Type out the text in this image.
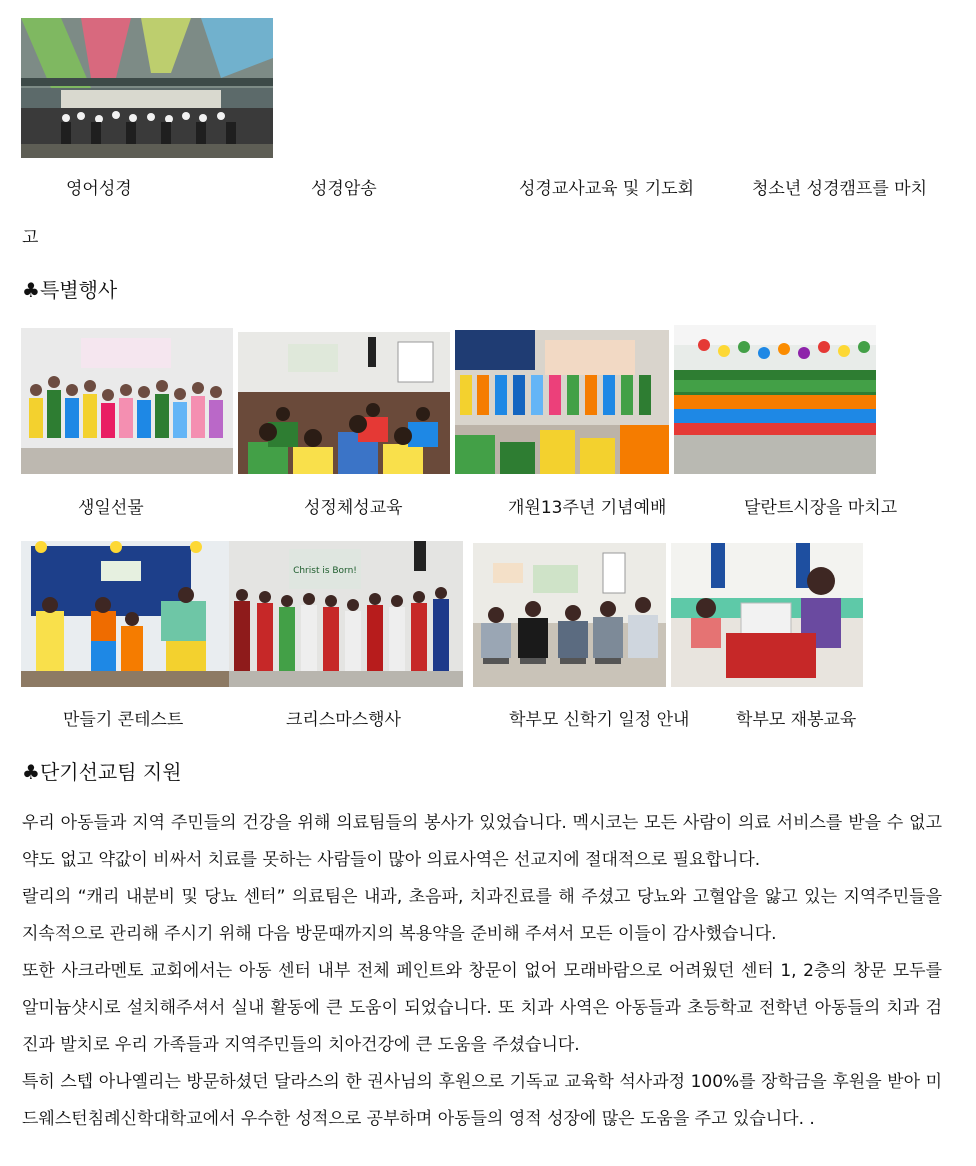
영어성경	성경암송	성경교사교육 및 기도회	청소년 성경캠프를 마치
고
♣특별행사
생일선물	성정체성교육	개원13주년 기념예배	달란트시장을 마치고
Christ is Born!
만들기 콘테스트	크리스마스행사	학부모 신학기 일정 안내	학부모 재봉교육
♣단기선교팀 지원

우리 아동들과 지역 주민들의 건강을 위해 의료팀들의 봉사가 있었습니다. 멕시코는 모든 사람이 의료 서비스를 받을 수 없고 약도 없고 약값이 비싸서 치료를 못하는 사람들이 많아 의료사역은 선교지에 절대적으로 필요합니다.

랄리의 “캐리 내분비 및 당뇨 센터” 의료팀은 내과, 초음파, 치과진료를 해 주셨고 당뇨와 고혈압을 앓고 있는 지역주민들을 지속적으로 관리해 주시기 위해 다음 방문때까지의 복용약을 준비해 주셔서 모든 이들이 감사했습니다.

또한 사크라멘토 교회에서는 아동 센터 내부 전체 페인트와 창문이 없어 모래바람으로 어려웠던 센터 1, 2층의 창문 모두를 알미늄샷시로 설치해주셔서 실내 활동에 큰 도움이 되었습니다. 또 치과 사역은 아동들과 초등학교 전학년 아동들의 치과 검진과 발치로 우리 가족들과 지역주민들의 치아건강에 큰 도움을 주셨습니다.

특히 스텝 아나옐리는 방문하셨던 달라스의 한 권사님의 후원으로 기독교 교육학 석사과정 100%를 장학금을 후원을 받아 미드웨스턴침례신학대학교에서 우수한 성적으로 공부하며 아동들의 영적 성장에 많은 도움을 주고 있습니다. .
